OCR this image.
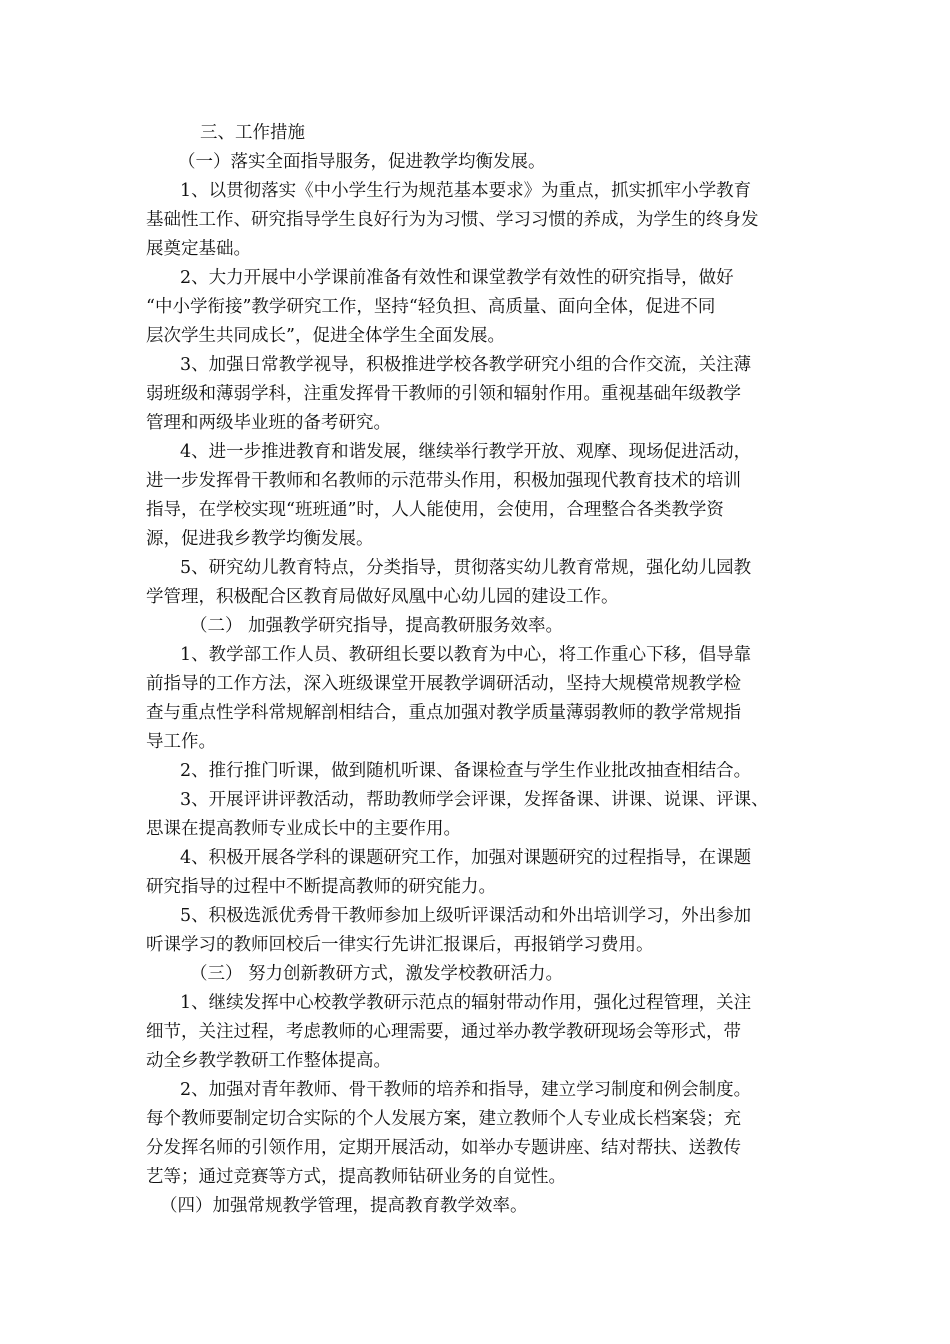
三、工作措施
（一）落实全面指导服务，促进教学均衡发展。
1、以贯彻落实《中小学生行为规范基本要求》为重点，抓实抓牢小学教育
基础性工作、研究指导学生良好行为为习惯、学习习惯的养成，为学生的终身发
展奠定基础。
2、大力开展中小学课前准备有效性和课堂教学有效性的研究指导，做好
“中小学衔接”教学研究工作，坚持“轻负担、高质量、面向全体，促进不同
层次学生共同成长”，促进全体学生全面发展。
3、加强日常教学视导，积极推进学校各教学研究小组的合作交流，关注薄
弱班级和薄弱学科，注重发挥骨干教师的引领和辐射作用。重视基础年级教学
管理和两级毕业班的备考研究。
4、进一步推进教育和谐发展，继续举行教学开放、观摩、现场促进活动，
进一步发挥骨干教师和名教师的示范带头作用，积极加强现代教育技术的培训
指导，在学校实现“班班通”时，人人能使用，会使用，合理整合各类教学资
源，促进我乡教学均衡发展。
5、研究幼儿教育特点，分类指导，贯彻落实幼儿教育常规，强化幼儿园教
学管理，积极配合区教育局做好凤凰中心幼儿园的建设工作。
（二） 加强教学研究指导，提高教研服务效率。
1、教学部工作人员、教研组长要以教育为中心，将工作重心下移，倡导靠
前指导的工作方法，深入班级课堂开展教学调研活动，坚持大规模常规教学检
查与重点性学科常规解剖相结合，重点加强对教学质量薄弱教师的教学常规指
导工作。
2、推行推门听课，做到随机听课、备课检查与学生作业批改抽查相结合。
3、开展评讲评教活动，帮助教师学会评课，发挥备课、讲课、说课、评课、
思课在提高教师专业成长中的主要作用。
4、积极开展各学科的课题研究工作，加强对课题研究的过程指导，在课题
研究指导的过程中不断提高教师的研究能力。
5、积极选派优秀骨干教师参加上级听评课活动和外出培训学习，外出参加
听课学习的教师回校后一律实行先讲汇报课后，再报销学习费用。
（三） 努力创新教研方式，激发学校教研活力。
1、继续发挥中心校教学教研示范点的辐射带动作用，强化过程管理，关注
细节，关注过程，考虑教师的心理需要，通过举办教学教研现场会等形式，带
动全乡教学教研工作整体提高。
2、加强对青年教师、骨干教师的培养和指导，建立学习制度和例会制度。
每个教师要制定切合实际的个人发展方案，建立教师个人专业成长档案袋；充
分发挥名师的引领作用，定期开展活动，如举办专题讲座、结对帮扶、送教传
艺等；通过竞赛等方式，提高教师钻研业务的自觉性。
（四）加强常规教学管理，提高教育教学效率。
